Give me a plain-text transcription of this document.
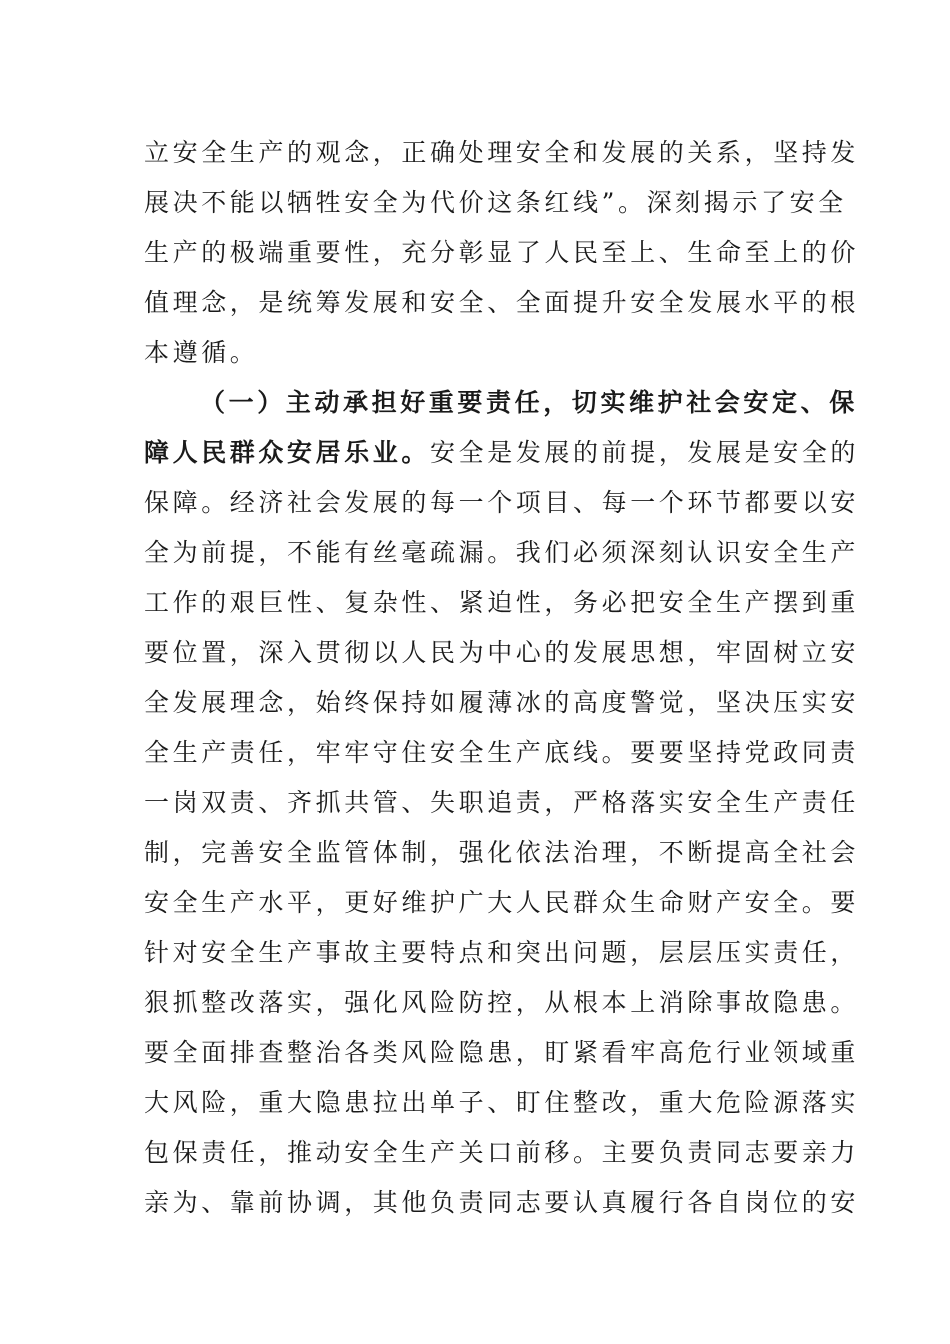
立安全生产的观念，正确处理安全和发展的关系，坚持发
展决不能以牺牲安全为代价这条红线”。深刻揭示了安全
生产的极端重要性，充分彰显了人民至上、生命至上的价
值理念，是统筹发展和安全、全面提升安全发展水平的根
本遵循。
（一）主动承担好重要责任，切实维护社会安定、保
障人民群众安居乐业。安全是发展的前提，发展是安全的
保障。经济社会发展的每一个项目、每一个环节都要以安
全为前提，不能有丝毫疏漏。我们必须深刻认识安全生产
工作的艰巨性、复杂性、紧迫性，务必把安全生产摆到重
要位置，深入贯彻以人民为中心的发展思想，牢固树立安
全发展理念，始终保持如履薄冰的高度警觉，坚决压实安
全生产责任，牢牢守住安全生产底线。要要坚持党政同责
一岗双责、齐抓共管、失职追责，严格落实安全生产责任
制，完善安全监管体制，强化依法治理，不断提高全社会
安全生产水平，更好维护广大人民群众生命财产安全。要
针对安全生产事故主要特点和突出问题，层层压实责任，
狠抓整改落实，强化风险防控，从根本上消除事故隐患。
要全面排查整治各类风险隐患，盯紧看牢高危行业领域重
大风险，重大隐患拉出单子、盯住整改，重大危险源落实
包保责任，推动安全生产关口前移。主要负责同志要亲力
亲为、靠前协调，其他负责同志要认真履行各自岗位的安
